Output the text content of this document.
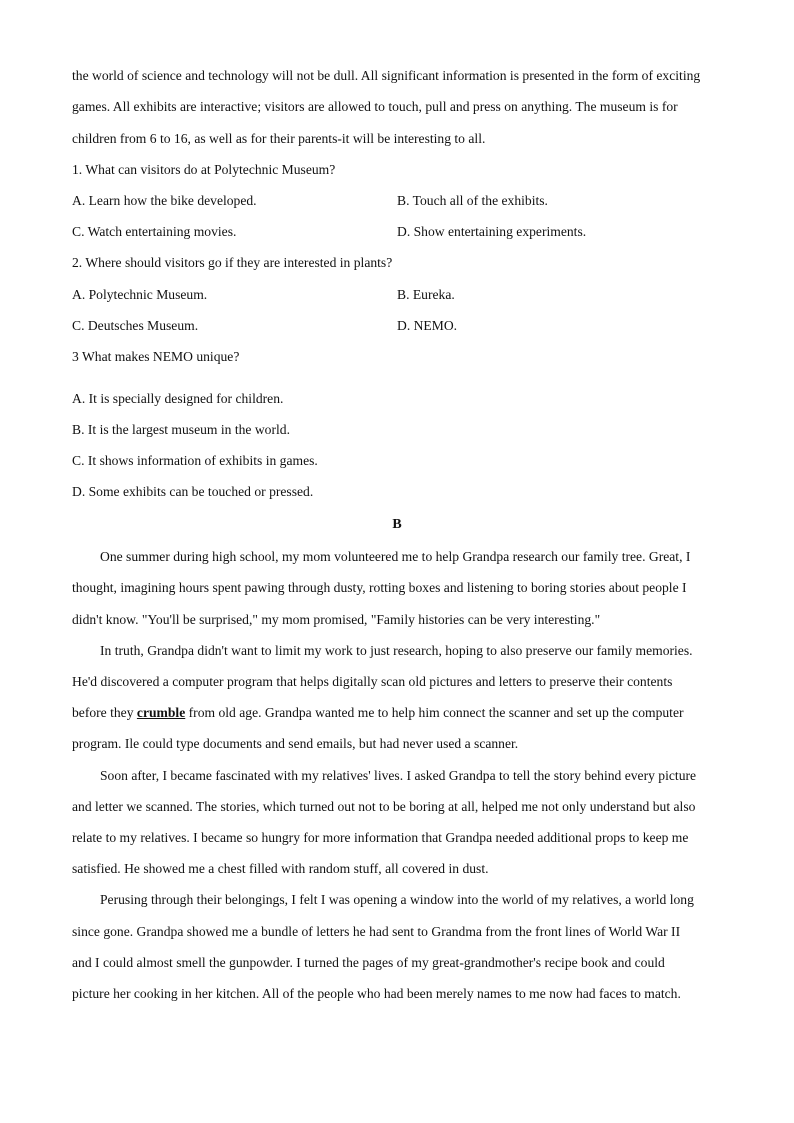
the world of science and technology will not be dull. All significant information is presented in the form of exciting
games. All exhibits are interactive; visitors are allowed to touch, pull and press on anything. The museum is for
children from 6 to 16, as well as for their parents-it will be interesting to all.
1. What can visitors do at Polytechnic Museum?
A. Learn how the bike developed.	B. Touch all of the exhibits.
C. Watch entertaining movies.	D. Show entertaining experiments.
2. Where should visitors go if they are interested in plants?
A. Polytechnic Museum.	B. Eureka.
C. Deutsches Museum.	D. NEMO.
3 What makes NEMO unique?
A. It is specially designed for children.
B. It is the largest museum in the world.
C. It shows information of exhibits in games.
D. Some exhibits can be touched or pressed.
B
One summer during high school, my mom volunteered me to help Grandpa research our family tree. Great, I
thought, imagining hours spent pawing through dusty, rotting boxes and listening to boring stories about people I
didn't know. "You'll be surprised," my mom promised, "Family histories can be very interesting."
In truth, Grandpa didn't want to limit my work to just research, hoping to also preserve our family memories.
He'd discovered a computer program that helps digitally scan old pictures and letters to preserve their contents
before they crumble from old age. Grandpa wanted me to help him connect the scanner and set up the computer
program. Ile could type documents and send emails, but had never used a scanner.
Soon after, I became fascinated with my relatives' lives. I asked Grandpa to tell the story behind every picture
and letter we scanned. The stories, which turned out not to be boring at all, helped me not only understand but also
relate to my relatives. I became so hungry for more information that Grandpa needed additional props to keep me
satisfied. He showed me a chest filled with random stuff, all covered in dust.
Perusing through their belongings, I felt I was opening a window into the world of my relatives, a world long
since gone. Grandpa showed me a bundle of letters he had sent to Grandma from the front lines of World War II
and I could almost smell the gunpowder. I turned the pages of my great-grandmother's recipe book and could
picture her cooking in her kitchen. All of the people who had been merely names to me now had faces to match.
